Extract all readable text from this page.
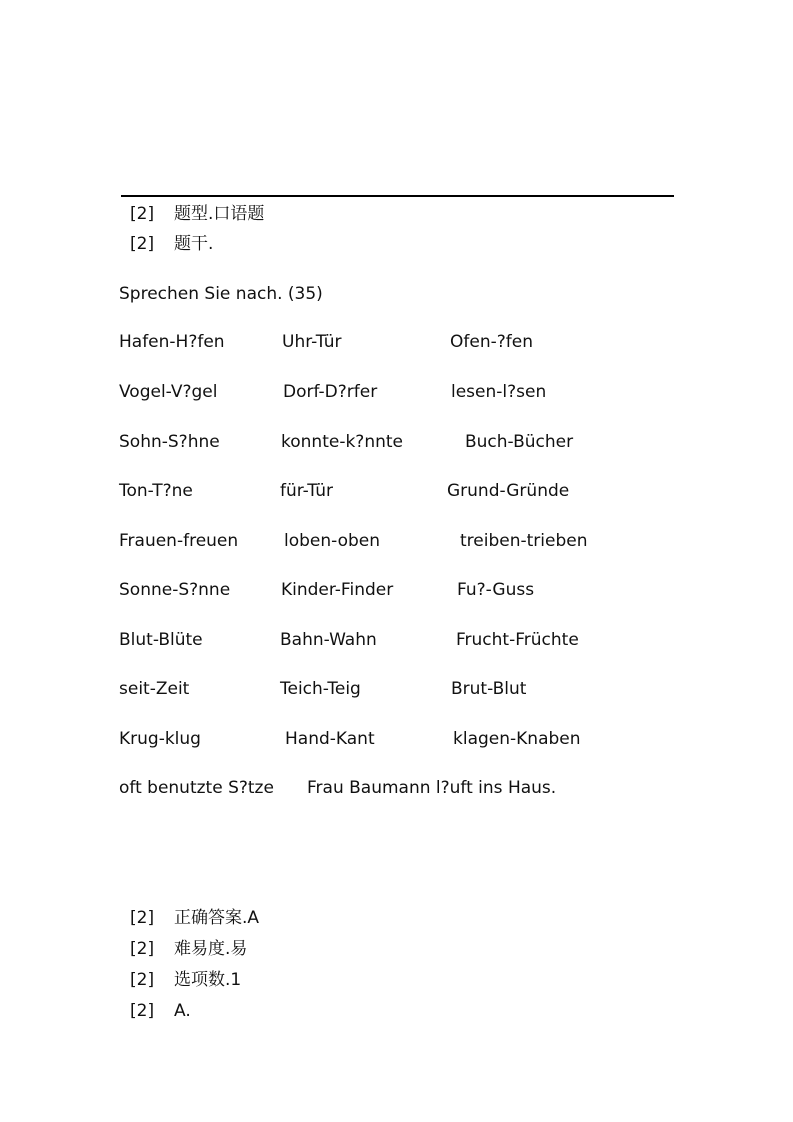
[2] 题型.口语题
[2] 题干.
Sprechen Sie nach. (35)
Hafen-H?fen	Uhr-Tür	Ofen-?fen
Vogel-V?gel	Dorf-D?rfer	lesen-l?sen
Sohn-S?hne	konnte-k?nnte	Buch-Bücher
Ton-T?ne	für-Tür	Grund-Gründe
Frauen-freuen	loben-oben	treiben-trieben
Sonne-S?nne	Kinder-Finder	Fu?-Guss
Blut-Blüte	Bahn-Wahn	Frucht-Früchte
seit-Zeit	Teich-Teig	Brut-Blut
Krug-klug	Hand-Kant	klagen-Knaben
oft benutzte S?tze Frau Baumann l?uft ins Haus.
[2] 正确答案.A
[2] 难易度.易
[2] 选项数.1
[2] A.
